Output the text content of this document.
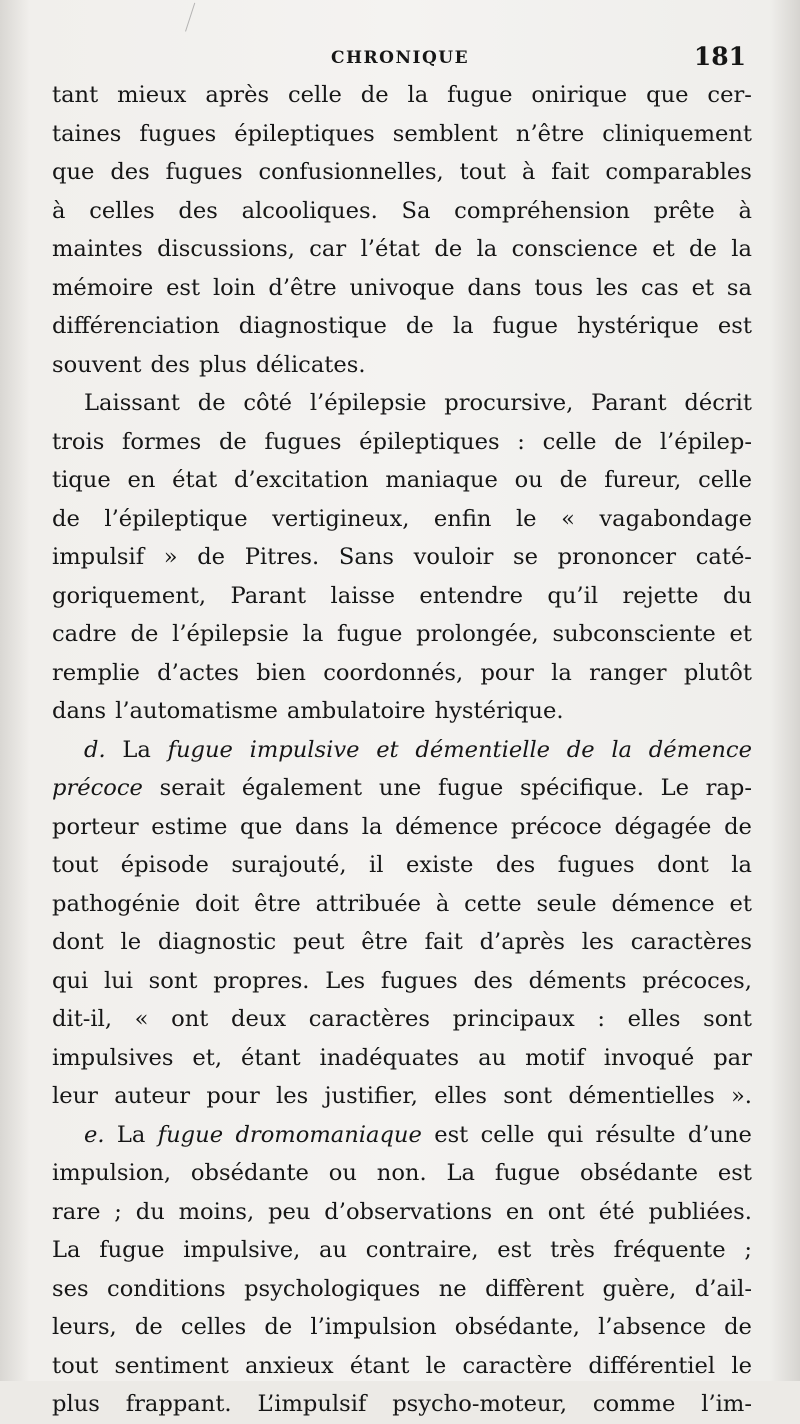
CHRONIQUE	181
tant mieux après celle de la fugue onirique que cer-
taines fugues épileptiques semblent n’être cliniquement
que des fugues confusionnelles, tout à fait comparables
à celles des alcooliques. Sa compréhension prête à
maintes discussions, car l’état de la conscience et de la
mémoire est loin d’être univoque dans tous les cas et sa
différenciation diagnostique de la fugue hystérique est
souvent des plus délicates.
Laissant de côté l’épilepsie procursive, Parant décrit
trois formes de fugues épileptiques : celle de l’épilep-
tique en état d’excitation maniaque ou de fureur, celle
de l’épileptique vertigineux, enfin le « vagabondage
impulsif » de Pitres. Sans vouloir se prononcer caté-
goriquement, Parant laisse entendre qu’il rejette du
cadre de l’épilepsie la fugue prolongée, subconsciente et
remplie d’actes bien coordonnés, pour la ranger plutôt
dans l’automatisme ambulatoire hystérique.
d. La fugue impulsive et démentielle de la démence
précoce serait également une fugue spécifique. Le rap-
porteur estime que dans la démence précoce dégagée de
tout épisode surajouté, il existe des fugues dont la
pathogénie doit être attribuée à cette seule démence et
dont le diagnostic peut être fait d’après les caractères
qui lui sont propres. Les fugues des déments précoces,
dit-il, « ont deux caractères principaux : elles sont
impulsives et, étant inadéquates au motif invoqué par
leur auteur pour les justifier, elles sont démentielles ».
e. La fugue dromomaniaque est celle qui résulte d’une
impulsion, obsédante ou non. La fugue obsédante est
rare ; du moins, peu d’observations en ont été publiées.
La fugue impulsive, au contraire, est très fréquente ;
ses conditions psychologiques ne diffèrent guère, d’ail-
leurs, de celles de l’impulsion obsédante, l’absence de
tout sentiment anxieux étant le caractère différentiel le
plus frappant. L’impulsif psycho-moteur, comme l’im-
